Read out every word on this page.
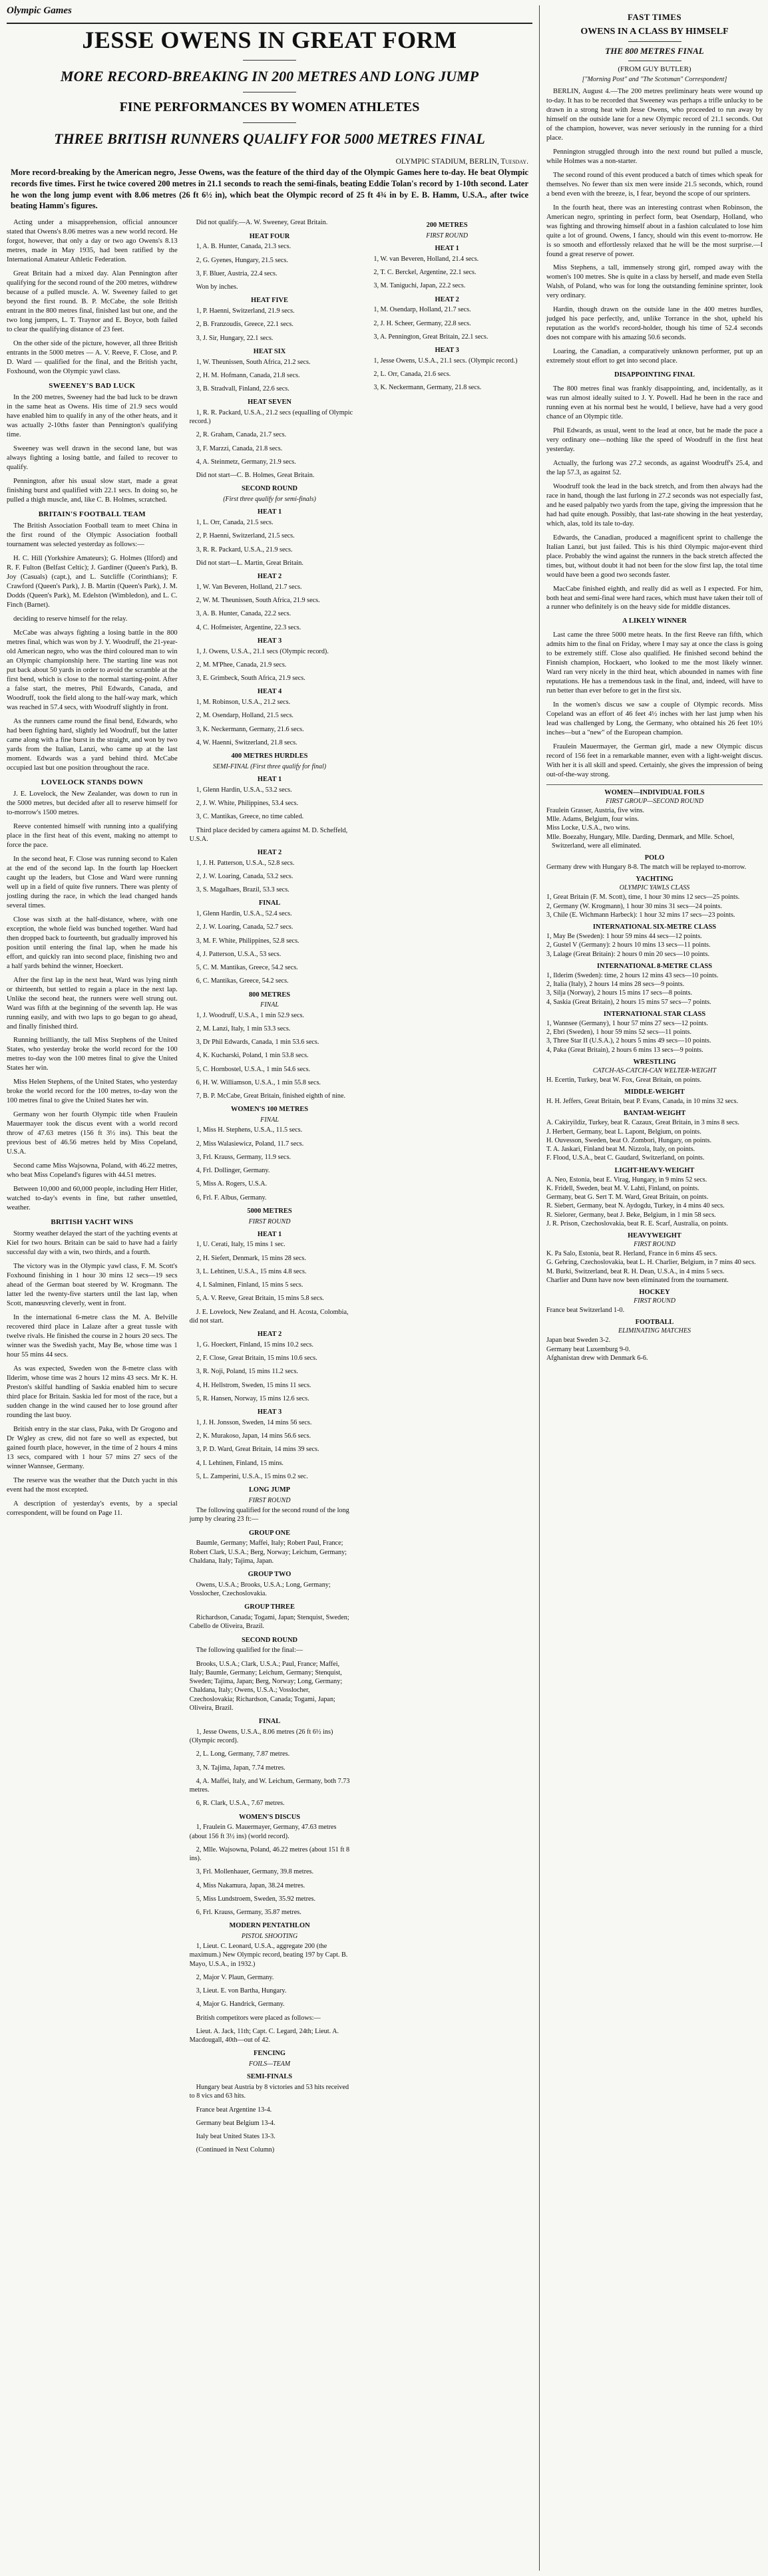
Olympic Games
JESSE OWENS IN GREAT FORM
MORE RECORD-BREAKING IN 200 METRES AND LONG JUMP
FINE PERFORMANCES BY WOMEN ATHLETES
THREE BRITISH RUNNERS QUALIFY FOR 5000 METRES FINAL
OLYMPIC STADIUM, BERLIN, Tuesday.
More record-breaking by the American negro, Jesse Owens, was the feature of the third day of the Olympic Games here to-day. He beat Olympic records five times. First he twice covered 200 metres in 21.1 seconds to reach the semi-finals, beating Eddie Tolan's record by 1-10th second. Later he won the long jump event with 8.06 metres (26 ft 6½ in), which beat the Olympic record of 25 ft 4¾ in by E. B. Hamm, U.S.A., after twice beating Hamm's figures.

Acting under a misapprehension, official announcer stated that Owens's 8.06 metres was a new world record. He forgot, however, that only a day or two ago Owens's 8.13 metres, made in May 1935, had been ratified by the International Amateur Athletic Federation.

Great Britain had a mixed day. Alan Pennington after qualifying for the second round of the 200 metres, withdrew because of a pulled muscle. A. W. Sweeney failed to get beyond the first round. B. P. McCabe, the sole British entrant in the 800 metres final, finished last but one, and the two long jumpers, L. T. Traynor and E. Boyce, both failed to clear the qualifying distance of 23 feet.

On the other side of the picture, however, all three British entrants in the 5000 metres — A. V. Reeve, F. Close, and P. D. Ward — qualified for the final, and the British yacht, Foxhound, won the Olympic yawl class.

SWEENEY'S BAD LUCK

In the 200 metres, Sweeney had the bad luck to be drawn in the same heat as Owens. His time of 21.9 secs would have enabled him to qualify in any of the other heats, and it was actually 2-10ths faster than Pennington's qualifying time.

Sweeney was well drawn in the second lane, but was always fighting a losing battle, and failed to recover to qualify.

Pennington, after his usual slow start, made a great finishing burst and qualified with 22.1 secs. In doing so, he pulled a thigh muscle, and, like C. B. Holmes, scratched.

BRITAIN'S FOOTBALL TEAM

The British Association Football team to meet China in the first round of the Olympic Association football tournament was selected yesterday as follows:—

H. C. Hill (Yorkshire Amateurs); G. Holmes (Ilford) and R. F. Fulton (Belfast Celtic); J. Gardiner (Queen's Park), B. Joy (Casuals) (capt.), and L. Sutcliffe (Corinthians); F. Crawford (Queen's Park), J. B. Martin (Queen's Park), J. M. Dodds (Queen's Park), M. Edelston (Wimbledon), and L. C. Finch (Barnet).

deciding to reserve himself for the relay.

McCabe was always fighting a losing battle in the 800 metres final, which was won by J. Y. Woodruff, the 21-year-old American negro, who was the third coloured man to win an Olympic championship here. The starting line was not put back about 50 yards in order to avoid the scramble at the first bend, which is close to the normal starting-point. After a false start, the metres, Phil Edwards, Canada, and Woodruff, took the field along to the half-way mark, which was reached in 57.4 secs, with Woodruff slightly in front.

As the runners came round the final bend, Edwards, who had been fighting hard, slightly led Woodruff, but the latter came along with a fine burst in the straight, and won by two yards from the Italian, Lanzi, who came up at the last moment. Edwards was a yard behind third. McCabe occupied last but one position throughout the race.

LOVELOCK STANDS DOWN

J. E. Lovelock, the New Zealander, was down to run in the 5000 metres, but decided after all to reserve himself for to-morrow's 1500 metres.

Reeve contented himself with running into a qualifying place in the first heat of this event, making no attempt to force the pace.

In the second heat, F. Close was running second to Kalen at the end of the second lap. In the fourth lap Hoeckert caught up the leaders, but Close and Ward were running well up in a field of quite five runners. There was plenty of jostling during the race, in which the lead changed hands several times.

Close was sixth at the half-distance, where, with one exception, the whole field was bunched together. Ward had then dropped back to fourteenth, but gradually improved his position until entering the final lap, when he made his effort, and quickly ran into second place, finishing two and a half yards behind the winner, Hoeckert.

After the first lap in the next heat, Ward was lying ninth or thirteenth, but settled to regain a place in the next lap. Unlike the second heat, the runners were well strung out. Ward was fifth at the beginning of the seventh lap. He was running easily, and with two laps to go began to go ahead, and finally finished third.

Running brilliantly, the tall Miss Stephens of the United States, who yesterday broke the world record for the 100 metres to-day won the 100 metres final to give the United States her win.

Miss Helen Stephens, of the United States, who yesterday broke the world record for the 100 metres, to-day won the 100 metres final to give the United States her win.

Germany won her fourth Olympic title when Fraulein Mauermayer took the discus event with a world record throw of 47.63 metres (156 ft 3½ ins). This beat the previous best of 46.56 metres held by Miss Copeland, U.S.A.

Second came Miss Wajsowna, Poland, with 46.22 metres, who beat Miss Copeland's figures with 44.51 metres.

Between 10,000 and 60,000 people, including Herr Hitler, watched to-day's events in fine, but rather unsettled, weather.

BRITISH YACHT WINS

Stormy weather delayed the start of the yachting events at Kiel for two hours. Britain can be said to have had a fairly successful day with a win, two thirds, and a fourth.

The victory was in the Olympic yawl class, F. M. Scott's Foxhound finishing in 1 hour 30 mins 12 secs—19 secs ahead of the German boat steered by W. Krogmann. The latter led the twenty-five starters until the last lap, when Scott, manœuvring cleverly, went in front.

In the international 6-metre class the M. A. Belville recovered third place in Lalaze after a great tussle with twelve rivals. He finished the course in 2 hours 20 secs. The winner was the Swedish yacht, May Be, whose time was 1 hour 55 mins 44 secs.

As was expected, Sweden won the 8-metre class with Ilderim, whose time was 2 hours 12 mins 43 secs. Mr K. H. Preston's skilful handling of Saskia enabled him to secure third place for Britain. Saskia led for most of the race, but a sudden change in the wind caused her to lose ground after rounding the last buoy.

British entry in the star class, Paka, with Dr Grogono and Dr Wgley as crew, did not fare so well as expected, but gained fourth place, however, in the time of 2 hours 4 mins 13 secs, compared with 1 hour 57 mins 27 secs of the winner Wannsee, Germany.

The reserve was the weather that the Dutch yacht in this event had the most excepted.

A description of yesterday's events, by a special correspondent, will be found on Page 11.

Did not qualify.—A. W. Sweeney, Great Britain.

HEAT FOUR

1, A. B. Hunter, Canada, 21.3 secs.

2, G. Gyenes, Hungary, 21.5 secs.

3, F. Bluer, Austria, 22.4 secs.

Won by inches.

HEAT FIVE

1, P. Haenni, Switzerland, 21.9 secs.

2, B. Franzoudis, Greece, 22.1 secs.

3, J. Sir, Hungary, 22.1 secs.

HEAT SIX

1, W. Theunissen, South Africa, 21.2 secs.

2, H. M. Hofmann, Canada, 21.8 secs.

3, B. Stradvall, Finland, 22.6 secs.

HEAT SEVEN

1, R. R. Packard, U.S.A., 21.2 secs (equalling of Olympic record.)

2, R. Graham, Canada, 21.7 secs.

3, F. Marzzi, Canada, 21.8 secs.

4, A. Steinmetz, Germany, 21.9 secs.

Did not start—C. B. Holmes, Great Britain.

SECOND ROUND
(First three qualify for semi-finals)
HEAT 1

1, L. Orr, Canada, 21.5 secs.

2, P. Haenni, Switzerland, 21.5 secs.

3, R. R. Packard, U.S.A., 21.9 secs.

Did not start—L. Martin, Great Britain.

HEAT 2

1, W. Van Beveren, Holland, 21.7 secs.

2, W. M. Theunissen, South Africa, 21.9 secs.

3, A. B. Hunter, Canada, 22.2 secs.

4, C. Hofmeister, Argentine, 22.3 secs.

HEAT 3

1, J. Owens, U.S.A., 21.1 secs (Olympic record).

2, M. M'Phee, Canada, 21.9 secs.

3, E. Grimbeck, South Africa, 21.9 secs.

HEAT 4

1, M. Robinson, U.S.A., 21.2 secs.

2, M. Osendarp, Holland, 21.5 secs.

3, K. Neckermann, Germany, 21.6 secs.

4, W. Haenni, Switzerland, 21.8 secs.

400 METRES HURDLES
SEMI-FINAL (First three qualify for final)
HEAT 1

1, Glenn Hardin, U.S.A., 53.2 secs.

2, J. W. White, Philippines, 53.4 secs.

3, C. Mantikas, Greece, no time cabled.

Third place decided by camera against M. D. Scheffeld, U.S.A.

HEAT 2

1, J. H. Patterson, U.S.A., 52.8 secs.

2, J. W. Loaring, Canada, 53.2 secs.

3, S. Magalhaes, Brazil, 53.3 secs.

FINAL

1, Glenn Hardin, U.S.A., 52.4 secs.

2, J. W. Loaring, Canada, 52.7 secs.

3, M. F. White, Philippines, 52.8 secs.

4, J. Patterson, U.S.A., 53 secs.

5, C. M. Mantikas, Greece, 54.2 secs.

6, C. Mantikas, Greece, 54.2 secs.

800 METRES
FINAL

1, J. Woodruff, U.S.A., 1 min 52.9 secs.

2, M. Lanzi, Italy, 1 min 53.3 secs.

3, Dr Phil Edwards, Canada, 1 min 53.6 secs.

4, K. Kucharski, Poland, 1 min 53.8 secs.

5, C. Hornbostel, U.S.A., 1 min 54.6 secs.

6, H. W. Williamson, U.S.A., 1 min 55.8 secs.

7, B. P. McCabe, Great Britain, finished eighth of nine.

WOMEN'S 100 METRES
FINAL

1, Miss H. Stephens, U.S.A., 11.5 secs.

2, Miss Walasiewicz, Poland, 11.7 secs.

3, Frl. Krauss, Germany, 11.9 secs.

4, Frl. Dollinger, Germany.

5, Miss A. Rogers, U.S.A.

6, Frl. F. Albus, Germany.

5000 METRES
FIRST ROUND
HEAT 1

1, U. Cerati, Italy, 15 mins 1 sec.

2, H. Siefert, Denmark, 15 mins 28 secs.

3, L. Lehtinen, U.S.A., 15 mins 4.8 secs.

4, I. Salminen, Finland, 15 mins 5 secs.

5, A. V. Reeve, Great Britain, 15 mins 5.8 secs.

J. E. Lovelock, New Zealand, and H. Acosta, Colombia, did not start.

HEAT 2

1, G. Hoeckert, Finland, 15 mins 10.2 secs.

2, F. Close, Great Britain, 15 mins 10.6 secs.

3, R. Noji, Poland, 15 mins 11.2 secs.

4, H. Hellstrom, Sweden, 15 mins 11 secs.

5, R. Hansen, Norway, 15 mins 12.6 secs.

HEAT 3

1, J. H. Jonsson, Sweden, 14 mins 56 secs.

2, K. Murakoso, Japan, 14 mins 56.6 secs.

3, P. D. Ward, Great Britain, 14 mins 39 secs.

4, I. Lehtinen, Finland, 15 mins.

5, L. Zamperini, U.S.A., 15 mins 0.2 sec.

LONG JUMP
FIRST ROUND

The following qualified for the second round of the long jump by clearing 23 ft:—

GROUP ONE

Baumle, Germany; Maffei, Italy; Robert Paul, France; Robert Clark, U.S.A.; Berg, Norway; Leichum, Germany; Chaldana, Italy; Tajima, Japan.

GROUP TWO

Owens, U.S.A.; Brooks, U.S.A.; Long, Germany; Vosslocher, Czechoslovakia.

GROUP THREE

Richardson, Canada; Togami, Japan; Stenquist, Sweden; Cabello de Oliveira, Brazil.

SECOND ROUND

The following qualified for the final:—

Brooks, U.S.A.; Clark, U.S.A.; Paul, France; Maffei, Italy; Baumle, Germany; Leichum, Germany; Stenquist, Sweden; Tajima, Japan; Berg, Norway; Long, Germany; Chaldana, Italy; Owens, U.S.A.; Vosslocher, Czechoslovakia; Richardson, Canada; Togami, Japan; Oliveira, Brazil.

FINAL

1, Jesse Owens, U.S.A., 8.06 metres (26 ft 6½ ins) (Olympic record).

2, L. Long, Germany, 7.87 metres.

3, N. Tajima, Japan, 7.74 metres.

4, A. Maffei, Italy, and W. Leichum, Germany, both 7.73 metres.

6, R. Clark, U.S.A., 7.67 metres.

WOMEN'S DISCUS

1, Fraulein G. Mauermayer, Germany, 47.63 metres (about 156 ft 3½ ins) (world record).

2, Mlle. Wajsowna, Poland, 46.22 metres (about 151 ft 8 ins).

3, Frl. Mollenhauer, Germany, 39.8 metres.

4, Miss Nakamura, Japan, 38.24 metres.

5, Miss Lundstroem, Sweden, 35.92 metres.

6, Frl. Krauss, Germany, 35.87 metres.

MODERN PENTATHLON
PISTOL SHOOTING

1, Lieut. C. Leonard, U.S.A., aggregate 200 (the maximum.) New Olympic record, beating 197 by Capt. B. Mayo, U.S.A., in 1932.)

2, Major V. Plaun, Germany.

3, Lieut. E. von Bartha, Hungary.

4, Major G. Handrick, Germany.

British competitors were placed as follows:—

Lieut. A. Jack, 11th; Capt. C. Legard, 24th; Lieut. A. Macdougall, 40th—out of 42.

FENCING
FOILS—TEAM
SEMI-FINALS

Hungary beat Austria by 8 victories and 53 hits received to 8 vics and 63 hits.

France beat Argentine 13-4.

Germany beat Belgium 13-4.

Italy beat United States 13-3.

(Continued in Next Column)

200 METRES
FIRST ROUND
HEAT 1

1, W. van Beveren, Holland, 21.4 secs.

2, T. C. Berckel, Argentine, 22.1 secs.

3, M. Taniguchi, Japan, 22.2 secs.

HEAT 2

1, M. Osendarp, Holland, 21.7 secs.

2, J. H. Scheer, Germany, 22.8 secs.

3, A. Pennington, Great Britain, 22.1 secs.

HEAT 3

1, Jesse Owens, U.S.A., 21.1 secs. (Olympic record.)

2, L. Orr, Canada, 21.6 secs.

3, K. Neckermann, Germany, 21.8 secs.

FAST TIMES
OWENS IN A CLASS BY HIMSELF
THE 800 METRES FINAL
(FROM GUY BUTLER)
["Morning Post" and "The Scotsman" Correspondent]

BERLIN, August 4.—The 200 metres preliminary heats were wound up to-day. It has to be recorded that Sweeney was perhaps a trifle unlucky to be drawn in a strong heat with Jesse Owens, who proceeded to run away by himself on the outside lane for a new Olympic record of 21.1 seconds. Out of the champion, however, was never seriously in the running for a third place.

Pennington struggled through into the next round but pulled a muscle, while Holmes was a non-starter.

The second round of this event produced a batch of times which speak for themselves. No fewer than six men were inside 21.5 seconds, which, round a bend even with the breeze, is, I fear, beyond the scope of our sprinters.

In the fourth heat, there was an interesting contrast when Robinson, the American negro, sprinting in perfect form, beat Osendarp, Holland, who was fighting and throwing himself about in a fashion calculated to lose him quite a lot of ground. Owens, I fancy, should win this event to-morrow. He is so smooth and effortlessly relaxed that he will be the most surprise.—I found a great reserve of power.

Miss Stephens, a tall, immensely strong girl, romped away with the women's 100 metres. She is quite in a class by herself, and made even Stella Walsh, of Poland, who was for long the outstanding feminine sprinter, look very ordinary.

Hardin, though drawn on the outside lane in the 400 metres hurdles, judged his pace perfectly, and, unlike Torrance in the shot, upheld his reputation as the world's record-holder, though his time of 52.4 seconds does not compare with his amazing 50.6 seconds.

Loaring, the Canadian, a comparatively unknown performer, put up an extremely stout effort to get into second place.

DISAPPOINTING FINAL

The 800 metres final was frankly disappointing, and, incidentally, as it was run almost ideally suited to J. Y. Powell. Had he been in the race and running even at his normal best he would, I believe, have had a very good chance of an Olympic title.

Phil Edwards, as usual, went to the lead at once, but he made the pace a very ordinary one—nothing like the speed of Woodruff in the first heat yesterday.

Actually, the furlong was 27.2 seconds, as against Woodruff's 25.4, and the lap 57.3, as against 52.

Woodruff took the lead in the back stretch, and from then always had the race in hand, though the last furlong in 27.2 seconds was not especially fast, and he eased palpably two yards from the tape, giving the impression that he had had quite enough. Possibly, that last-rate showing in the heat yesterday, which, alas, told its tale to-day.

Edwards, the Canadian, produced a magnificent sprint to challenge the Italian Lanzi, but just failed. This is his third Olympic major-event third place. Probably the wind against the runners in the back stretch affected the times, but, without doubt it had not been for the slow first lap, the total time would have been a good two seconds faster.

MacCabe finished eighth, and really did as well as I expected. For him, both heat and semi-final were hard races, which must have taken their toll of a runner who definitely is on the heavy side for middle distances.

A LIKELY WINNER

Last came the three 5000 metre heats. In the first Reeve ran fifth, which admits him to the final on Friday, where I may say at once the class is going to be extremely stiff. Close also qualified. He finished second behind the Finnish champion, Hockaert, who looked to me the most likely winner. Ward ran very nicely in the third heat, which abounded in names with fine reputations. He has a tremendous task in the final, and, indeed, will have to run better than ever before to get in the first six.

In the women's discus we saw a couple of Olympic records. Miss Copeland was an effort of 46 feet 4½ inches with her last jump when his lead was challenged by Long, the Germany, who obtained his 26 feet 10½ inches—but a "new" of the European champion.

Fraulein Mauermayer, the German girl, made a new Olympic discus record of 156 feet in a remarkable manner, even with a light-weight discus. With her it is all skill and speed. Certainly, she gives the impression of being out-of-the-way strong.

WOMEN—INDIVIDUAL FOILS
FIRST GROUP—SECOND ROUND

Fraulein Grasser, Austria, five wins.

Mlle. Adams, Belgium, four wins.

Miss Locke, U.S.A., two wins.

Mlle. Boezahy, Hungary, Mlle. Darding, Denmark, and Mlle. Schoel, Switzerland, were all eliminated.

POLO

Germany drew with Hungary 8-8. The match will be replayed to-morrow.

YACHTING
OLYMPIC YAWLS CLASS

1, Great Britain (F. M. Scott), time, 1 hour 30 mins 12 secs—25 points.

2, Germany (W. Krogmann), 1 hour 30 mins 31 secs—24 points.

3, Chile (E. Wichmann Harbeck): 1 hour 32 mins 17 secs—23 points.

INTERNATIONAL SIX-METRE CLASS

1, May Be (Sweden): 1 hour 59 mins 44 secs—12 points.

2, Gustel V (Germany): 2 hours 10 mins 13 secs—11 points.

3, Lalage (Great Britain): 2 hours 0 min 20 secs—10 points.

INTERNATIONAL 8-METRE CLASS

1, Ilderim (Sweden): time, 2 hours 12 mins 43 secs—10 points.

2, Italia (Italy), 2 hours 14 mins 28 secs—9 points.

3, Silja (Norway), 2 hours 15 mins 17 secs—8 points.

4, Saskia (Great Britain), 2 hours 15 mins 57 secs—7 points.

INTERNATIONAL STAR CLASS

1, Wannsee (Germany), 1 hour 57 mins 27 secs—12 points.

2, Ebri (Sweden), 1 hour 59 mins 52 secs—11 points.

3, Three Star II (U.S.A.), 2 hours 5 mins 49 secs—10 points.

4, Paka (Great Britain), 2 hours 6 mins 13 secs—9 points.

WRESTLING
CATCH-AS-CATCH-CAN WELTER-WEIGHT

H. Ecertin, Turkey, beat W. Fox, Great Britain, on points.

MIDDLE-WEIGHT

H. H. Jeffers, Great Britain, beat P. Evans, Canada, in 10 mins 32 secs.

BANTAM-WEIGHT

A. Cakiryildiz, Turkey, beat R. Cazaux, Great Britain, in 3 mins 8 secs.

J. Herbert, Germany, beat L. Lapont, Belgium, on points.

H. Ouvesson, Sweden, beat O. Zombori, Hungary, on points.

T. A. Jaskari, Finland beat M. Nizzola, Italy, on points.

F. Flood, U.S.A., beat C. Gaudard, Switzerland, on points.

LIGHT-HEAVY-WEIGHT

A. Neo, Estonia, beat E. Virag, Hungary, in 9 mins 52 secs.

K. Fridell, Sweden, beat M. V. Lahti, Finland, on points.

Germany, beat G. Sert T. M. Ward, Great Britain, on points.

R. Siebert, Germany, beat N. Aydogdu, Turkey, in 4 mins 40 secs.

R. Sielorer, Germany, beat J. Beke, Belgium, in 1 min 58 secs.

J. R. Prison, Czechoslovakia, beat R. E. Scarf, Australia, on points.

HEAVYWEIGHT
FIRST ROUND

K. Pa Salo, Estonia, beat R. Herland, France in 6 mins 45 secs.

G. Gehring, Czechoslovakia, beat L. H. Charlier, Belgium, in 7 mins 40 secs.

M. Burki, Switzerland, beat R. H. Dean, U.S.A., in 4 mins 5 secs.

Charlier and Dunn have now been eliminated from the tournament.

HOCKEY
FIRST ROUND

France beat Switzerland 1-0.

FOOTBALL
ELIMINATING MATCHES

Japan beat Sweden 3-2.

Germany beat Luxemburg 9-0.

Afghanistan drew with Denmark 6-6.
